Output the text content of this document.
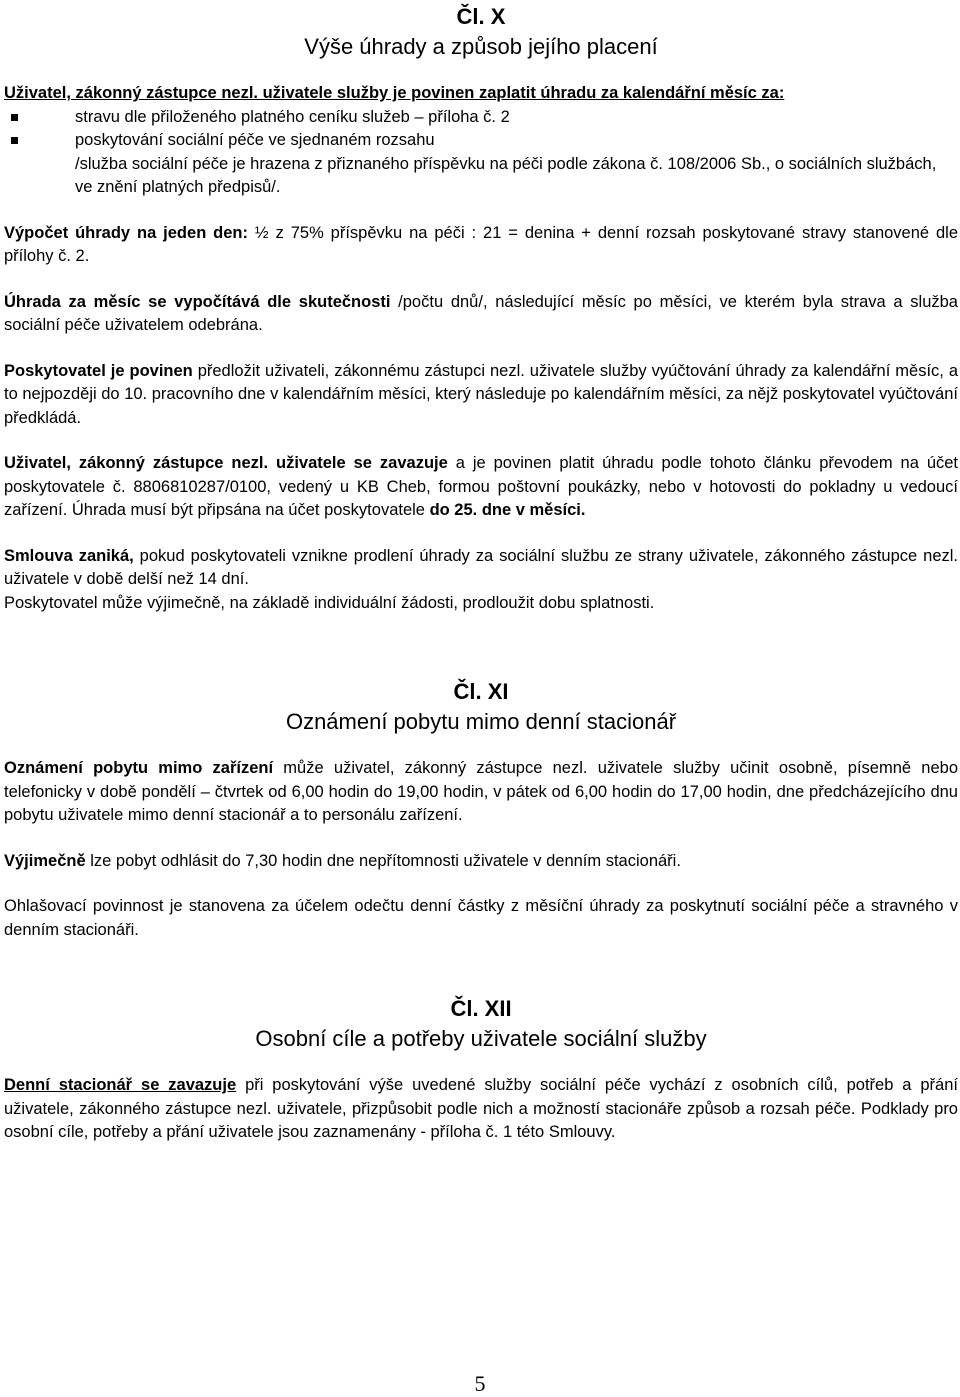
Čl. X
Výše úhrady a způsob jejího placení

Uživatel, zákonný zástupce nezl. uživatele služby je povinen zaplatit úhradu za kalendářní měsíc za:

stravu dle přiloženého platného ceníku služeb – příloha č. 2
poskytování sociální péče ve sjednaném rozsahu
/služba sociální péče je hrazena z přiznaného příspěvku na péči podle zákona č. 108/2006 Sb., o sociálních službách, ve znění platných předpisů/.

Výpočet úhrady na jeden den: ½ z 75% příspěvku na péči : 21 = denina + denní rozsah poskytované stravy stanovené dle přílohy č. 2.

Úhrada za měsíc se vypočítává dle skutečnosti /počtu dnů/, následující měsíc po měsíci, ve kterém byla strava a služba sociální péče uživatelem odebrána.

Poskytovatel je povinen předložit uživateli, zákonnému zástupci nezl. uživatele služby vyúčtování úhrady za kalendářní měsíc, a to nejpozději do 10. pracovního dne v kalendářním měsíci, který následuje po kalendářním měsíci, za nějž poskytovatel vyúčtování předkládá.

Uživatel, zákonný zástupce nezl. uživatele se zavazuje a je povinen platit úhradu podle tohoto článku převodem na účet poskytovatele č. 8806810287/0100, vedený u KB Cheb, formou poštovní poukázky, nebo v hotovosti do pokladny u vedoucí zařízení. Úhrada musí být připsána na účet poskytovatele do 25. dne v měsíci.

Smlouva zaniká, pokud poskytovateli vznikne prodlení úhrady za sociální službu ze strany uživatele, zákonného zástupce nezl. uživatele v době delší než 14 dní.

Poskytovatel může výjimečně, na základě individuální žádosti, prodloužit dobu splatnosti.

Čl. XI
Oznámení pobytu mimo denní stacionář

Oznámení pobytu mimo zařízení může uživatel, zákonný zástupce nezl. uživatele služby učinit osobně, písemně nebo telefonicky v době pondělí – čtvrtek od 6,00 hodin do 19,00 hodin, v pátek od 6,00 hodin do 17,00 hodin, dne předcházejícího dnu pobytu uživatele mimo denní stacionář a to personálu zařízení.

Výjimečně lze pobyt odhlásit do 7,30 hodin dne nepřítomnosti uživatele v denním stacionáři.

Ohlašovací povinnost je stanovena za účelem odečtu denní částky z měsíční úhrady za poskytnutí sociální péče a stravného v denním stacionáři.

Čl. XII
Osobní cíle a potřeby uživatele sociální služby

Denní stacionář se zavazuje při poskytování výše uvedené služby sociální péče vychází z osobních cílů, potřeb a přání uživatele, zákonného zástupce nezl. uživatele, přizpůsobit podle nich a možností stacionáře způsob a rozsah péče. Podklady pro osobní cíle, potřeby a přání uživatele jsou zaznamenány - příloha č. 1 této Smlouvy.

5
